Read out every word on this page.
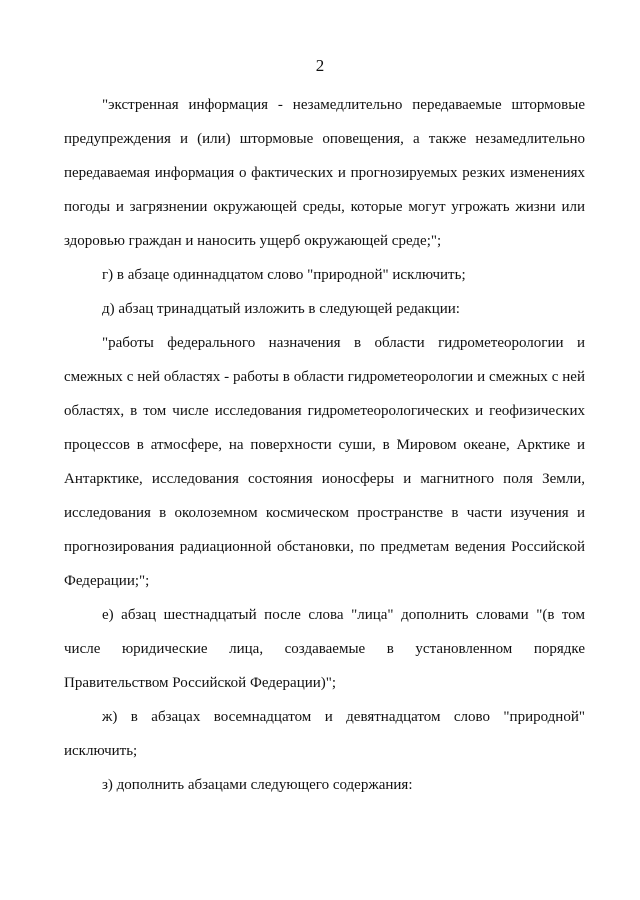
2

"экстренная информация - незамедлительно передаваемые штормовые предупреждения и (или) штормовые оповещения, а также незамедлительно передаваемая информация о фактических и прогнозируемых резких изменениях погоды и загрязнении окружающей среды, которые могут угрожать жизни или здоровью граждан и наносить ущерб окружающей среде;";

г) в абзаце одиннадцатом слово "природной" исключить;

д) абзац тринадцатый изложить в следующей редакции:

"работы федерального назначения в области гидрометеорологии и смежных с ней областях - работы в области гидрометеорологии и смежных с ней областях, в том числе исследования гидрометеорологических и геофизических процессов в атмосфере, на поверхности суши, в Мировом океане, Арктике и Антарктике, исследования состояния ионосферы и магнитного поля Земли, исследования в околоземном космическом пространстве в части изучения и прогнозирования радиационной обстановки, по предметам ведения Российской Федерации;";

е) абзац шестнадцатый после слова "лица" дополнить словами "(в том числе юридические лица, создаваемые в установленном порядке Правительством Российской Федерации)";

ж) в абзацах восемнадцатом и девятнадцатом слово "природной" исключить;

з) дополнить абзацами следующего содержания:
